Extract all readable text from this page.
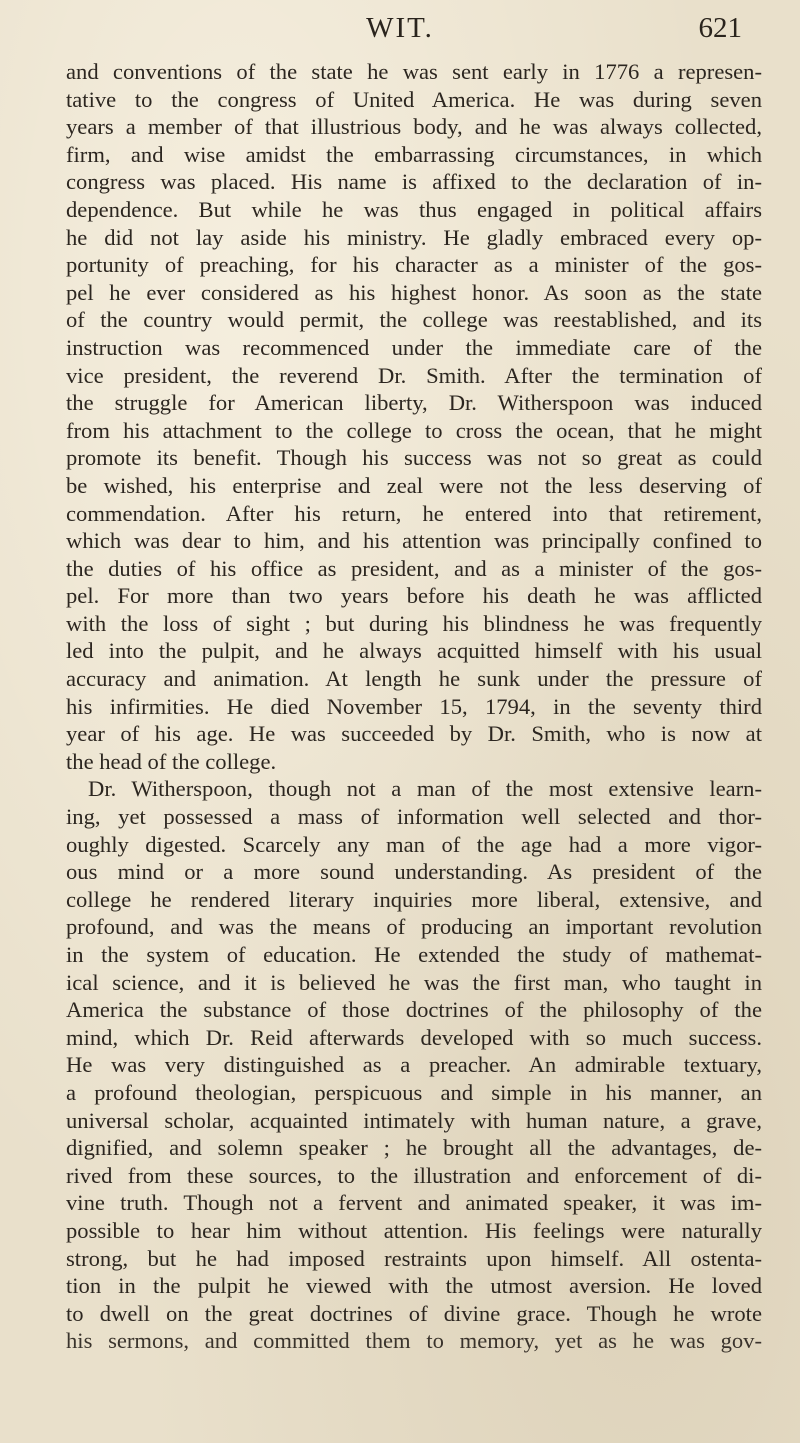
WIT.	621
and conventions of the state he was sent early in 1776 a represen-
tative to the congress of United America. He was during seven
years a member of that illustrious body, and he was always collected,
firm, and wise amidst the embarrassing circumstances, in which
congress was placed. His name is affixed to the declaration of in-
dependence. But while he was thus engaged in political affairs
he did not lay aside his ministry. He gladly embraced every op-
portunity of preaching, for his character as a minister of the gos-
pel he ever considered as his highest honor. As soon as the state
of the country would permit, the college was reestablished, and its
instruction was recommenced under the immediate care of the
vice president, the reverend Dr. Smith. After the termination of
the struggle for American liberty, Dr. Witherspoon was induced
from his attachment to the college to cross the ocean, that he might
promote its benefit. Though his success was not so great as could
be wished, his enterprise and zeal were not the less deserving of
commendation. After his return, he entered into that retirement,
which was dear to him, and his attention was principally confined to
the duties of his office as president, and as a minister of the gos-
pel. For more than two years before his death he was afflicted
with the loss of sight ; but during his blindness he was frequently
led into the pulpit, and he always acquitted himself with his usual
accuracy and animation. At length he sunk under the pressure of
his infirmities. He died November 15, 1794, in the seventy third
year of his age. He was succeeded by Dr. Smith, who is now at
the head of the college.
Dr. Witherspoon, though not a man of the most extensive learn-
ing, yet possessed a mass of information well selected and thor-
oughly digested. Scarcely any man of the age had a more vigor-
ous mind or a more sound understanding. As president of the
college he rendered literary inquiries more liberal, extensive, and
profound, and was the means of producing an important revolution
in the system of education. He extended the study of mathemat-
ical science, and it is believed he was the first man, who taught in
America the substance of those doctrines of the philosophy of the
mind, which Dr. Reid afterwards developed with so much success.
He was very distinguished as a preacher. An admirable textuary,
a profound theologian, perspicuous and simple in his manner, an
universal scholar, acquainted intimately with human nature, a grave,
dignified, and solemn speaker ; he brought all the advantages, de-
rived from these sources, to the illustration and enforcement of di-
vine truth. Though not a fervent and animated speaker, it was im-
possible to hear him without attention. His feelings were naturally
strong, but he had imposed restraints upon himself. All ostenta-
tion in the pulpit he viewed with the utmost aversion. He loved
to dwell on the great doctrines of divine grace. Though he wrote
his sermons, and committed them to memory, yet as he was gov-
